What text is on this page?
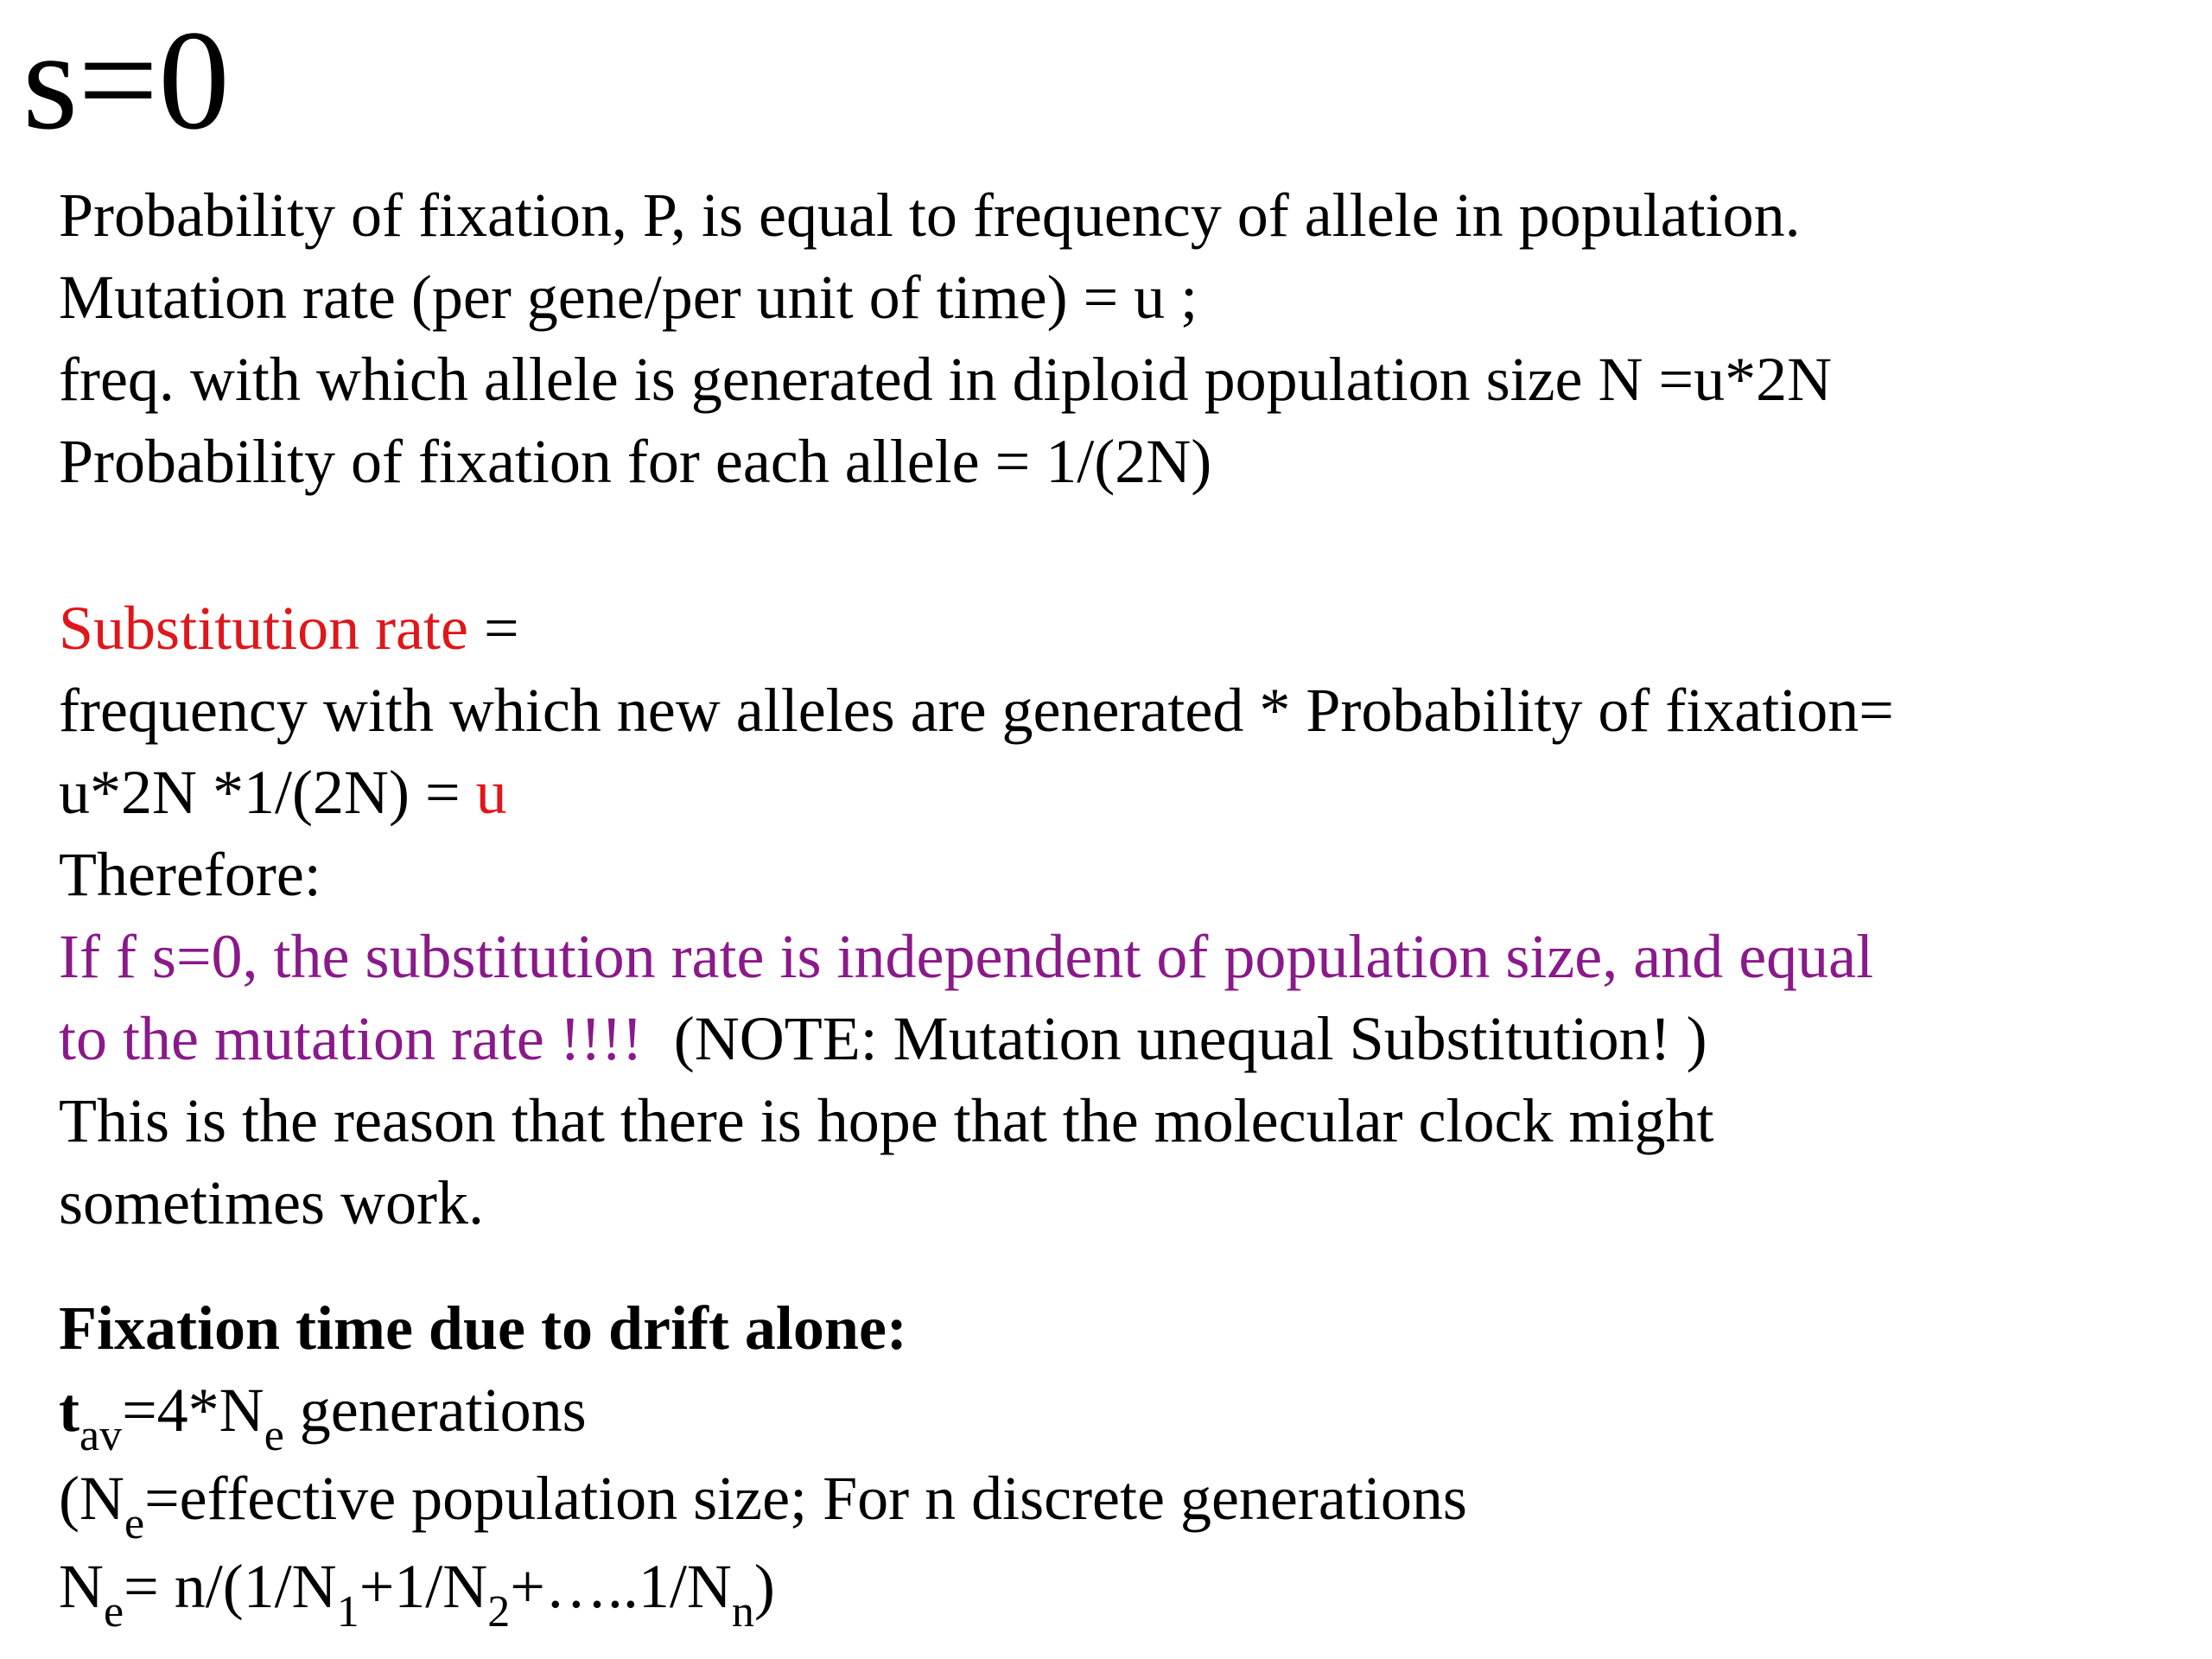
s=0
Probability of fixation, P, is equal to frequency of allele in population.
Mutation rate (per gene/per unit of time) = u ;
freq. with which allele is generated in diploid population size N =u*2N
Probability of fixation for each allele = 1/(2N)
Substitution rate =
frequency with which new alleles are generated * Probability of fixation=
u*2N *1/(2N) = u
Therefore:
If f s=0, the substitution rate is independent of population size, and equal
to the mutation rate !!!!  (NOTE: Mutation unequal Substitution! )
This is the reason that there is hope that the molecular clock might
sometimes work.
Fixation time due to drift alone:
$t_{av}=4*N_e$ generations
($N_e=effective$ population size; For n discrete generations
$N_e=$ $n/(1/N_1+1/N_2+\dots..1/N_n)$
